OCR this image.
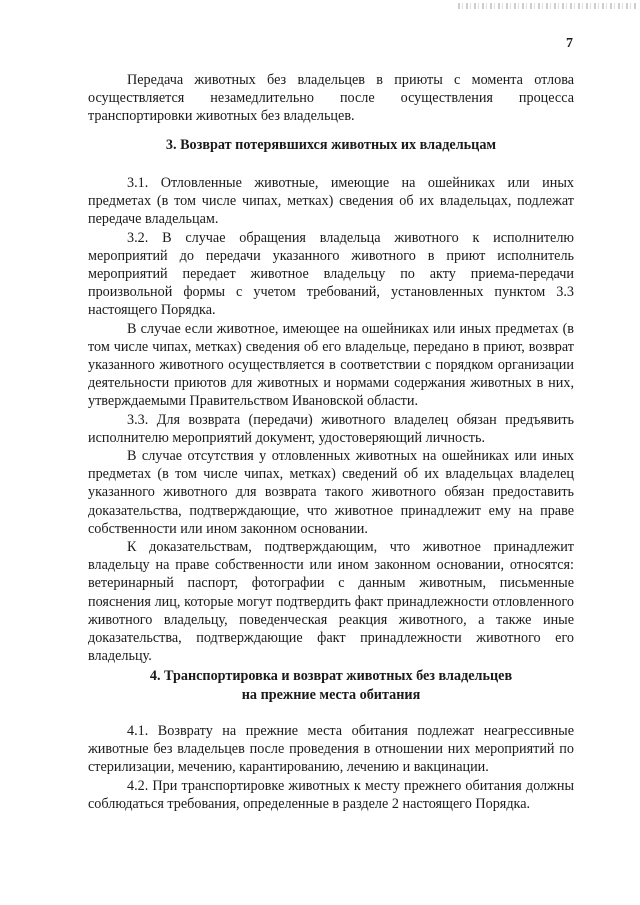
7

Передача животных без владельцев в приюты с момента отлова осуществляется незамедлительно после осуществления процесса транспортировки животных без владельцев.

3. Возврат потерявшихся животных их владельцам

3.1. Отловленные животные, имеющие на ошейниках или иных предметах (в том числе чипах, метках) сведения об их владельцах, подлежат передаче владельцам.

3.2. В случае обращения владельца животного к исполнителю мероприятий до передачи указанного животного в приют исполнитель мероприятий передает животное владельцу по акту приема-передачи произвольной формы с учетом требований, установленных пунктом 3.3 настоящего Порядка.

В случае если животное, имеющее на ошейниках или иных предметах (в том числе чипах, метках) сведения об его владельце, передано в приют, возврат указанного животного осуществляется в соответствии с порядком организации деятельности приютов для животных и нормами содержания животных в них, утверждаемыми Правительством Ивановской области.

3.3. Для возврата (передачи) животного владелец обязан предъявить исполнителю мероприятий документ, удостоверяющий личность.

В случае отсутствия у отловленных животных на ошейниках или иных предметах (в том числе чипах, метках) сведений об их владельцах владелец указанного животного для возврата такого животного обязан предоставить доказательства, подтверждающие, что животное принадлежит ему на праве собственности или ином законном основании.

К доказательствам, подтверждающим, что животное принадлежит владельцу на праве собственности или ином законном основании, относятся: ветеринарный паспорт, фотографии с данным животным, письменные пояснения лиц, которые могут подтвердить факт принадлежности отловленного животного владельцу, поведенческая реакция животного, а также иные доказательства, подтверждающие факт принадлежности животного его владельцу.

4. Транспортировка и возврат животных без владельцев
на прежние места обитания

4.1. Возврату на прежние места обитания подлежат неагрессивные животные без владельцев после проведения в отношении них мероприятий по стерилизации, мечению, карантированию, лечению и вакцинации.

4.2. При транспортировке животных к месту прежнего обитания должны соблюдаться требования, определенные в разделе 2 настоящего Порядка.
